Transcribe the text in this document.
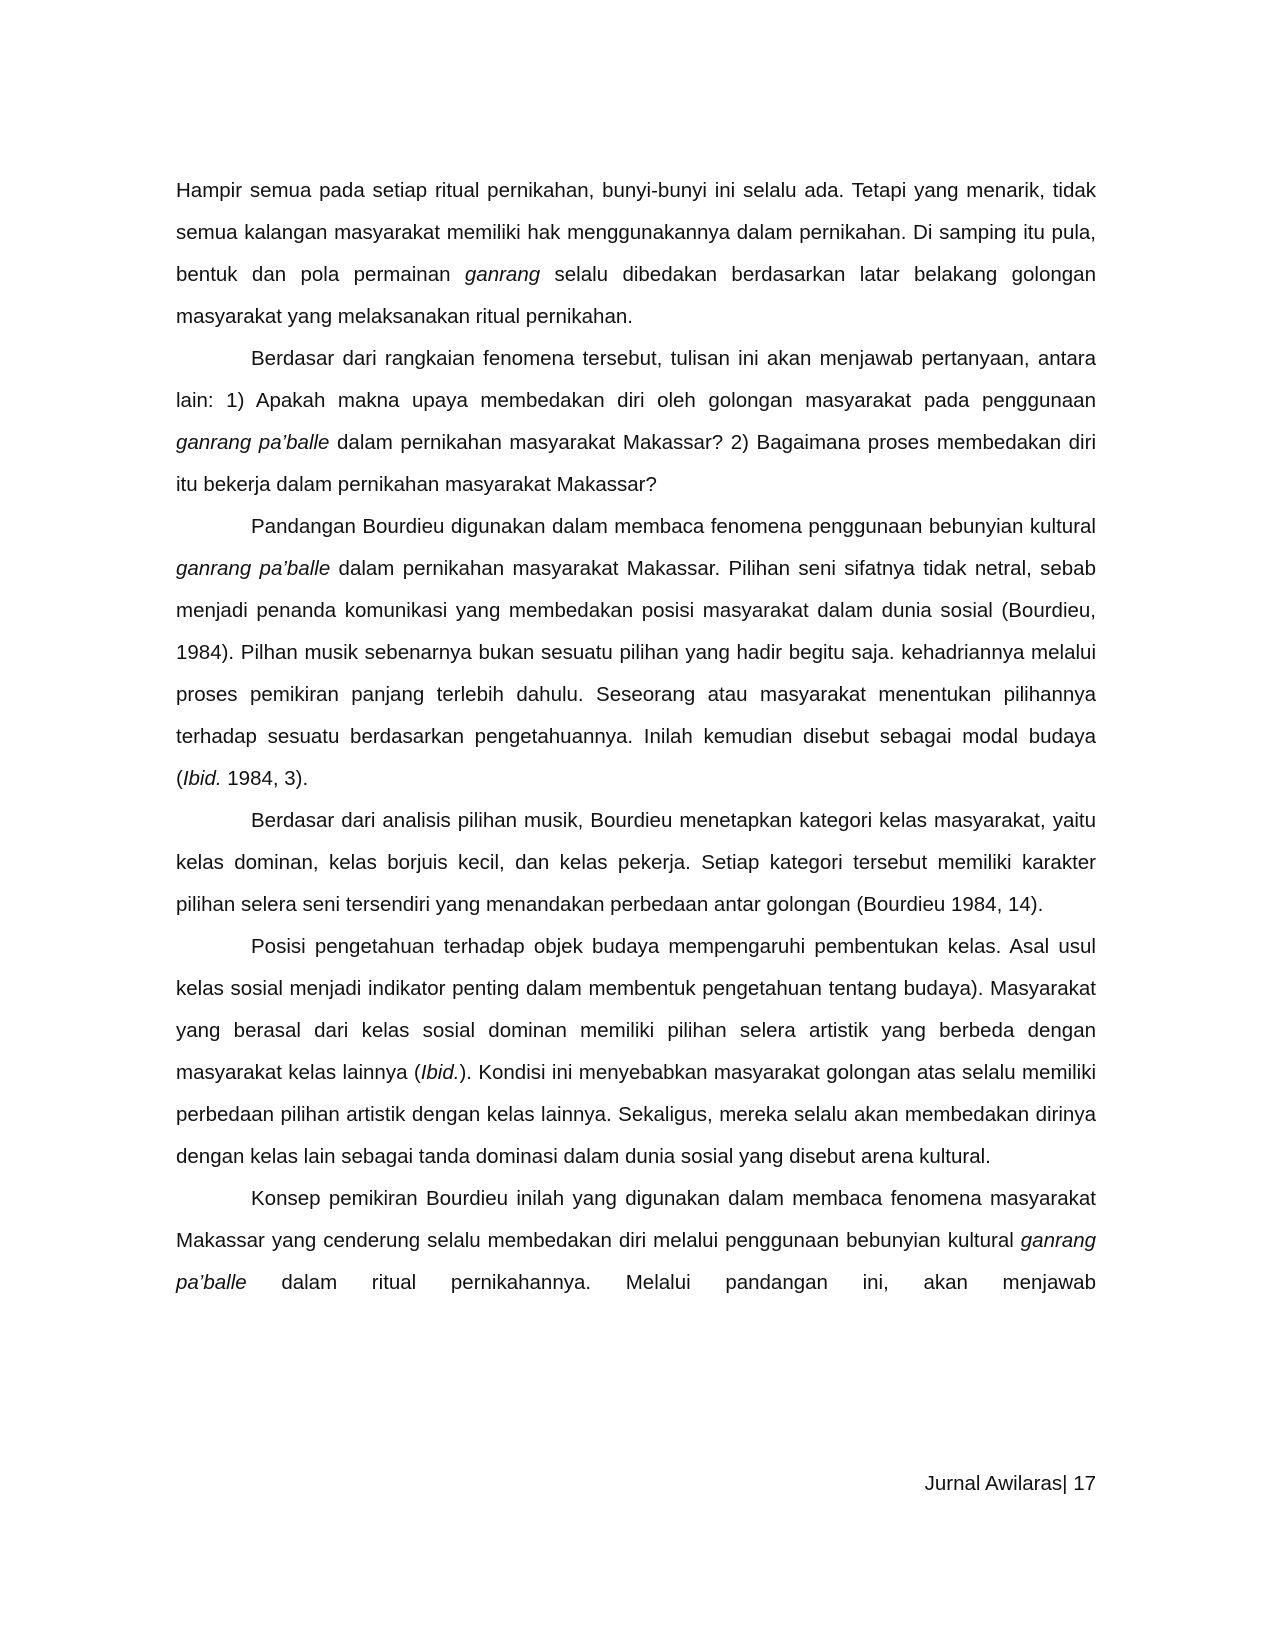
Hampir semua pada setiap ritual pernikahan, bunyi-bunyi ini selalu ada. Tetapi yang menarik, tidak semua kalangan masyarakat memiliki hak menggunakannya dalam pernikahan. Di samping itu pula, bentuk dan pola permainan ganrang selalu dibedakan berdasarkan latar belakang golongan masyarakat yang melaksanakan ritual pernikahan.

Berdasar dari rangkaian fenomena tersebut, tulisan ini akan menjawab pertanyaan, antara lain: 1) Apakah makna upaya membedakan diri oleh golongan masyarakat pada penggunaan ganrang pa’balle dalam pernikahan masyarakat Makassar? 2) Bagaimana proses membedakan diri itu bekerja dalam pernikahan masyarakat Makassar?

Pandangan Bourdieu digunakan dalam membaca fenomena penggunaan bebunyian kultural ganrang pa’balle dalam pernikahan masyarakat Makassar. Pilihan seni sifatnya tidak netral, sebab menjadi penanda komunikasi yang membedakan posisi masyarakat dalam dunia sosial (Bourdieu, 1984). Pilhan musik sebenarnya bukan sesuatu pilihan yang hadir begitu saja. kehadriannya melalui proses pemikiran panjang terlebih dahulu. Seseorang atau masyarakat menentukan pilihannya terhadap sesuatu berdasarkan pengetahuannya. Inilah kemudian disebut sebagai modal budaya (Ibid. 1984, 3).

Berdasar dari analisis pilihan musik, Bourdieu menetapkan kategori kelas masyarakat, yaitu kelas dominan, kelas borjuis kecil, dan kelas pekerja. Setiap kategori tersebut memiliki karakter pilihan selera seni tersendiri yang menandakan perbedaan antar golongan (Bourdieu 1984, 14).

Posisi pengetahuan terhadap objek budaya mempengaruhi pembentukan kelas. Asal usul kelas sosial menjadi indikator penting dalam membentuk pengetahuan tentang budaya). Masyarakat yang berasal dari kelas sosial dominan memiliki pilihan selera artistik yang berbeda dengan masyarakat kelas lainnya (Ibid.). Kondisi ini menyebabkan masyarakat golongan atas selalu memiliki perbedaan pilihan artistik dengan kelas lainnya. Sekaligus, mereka selalu akan membedakan dirinya dengan kelas lain sebagai tanda dominasi dalam dunia sosial yang disebut arena kultural.

Konsep pemikiran Bourdieu inilah yang digunakan dalam membaca fenomena masyarakat Makassar yang cenderung selalu membedakan diri melalui penggunaan bebunyian kultural ganrang pa’balle dalam ritual pernikahannya. Melalui pandangan ini, akan menjawab

Jurnal Awilaras| 17
